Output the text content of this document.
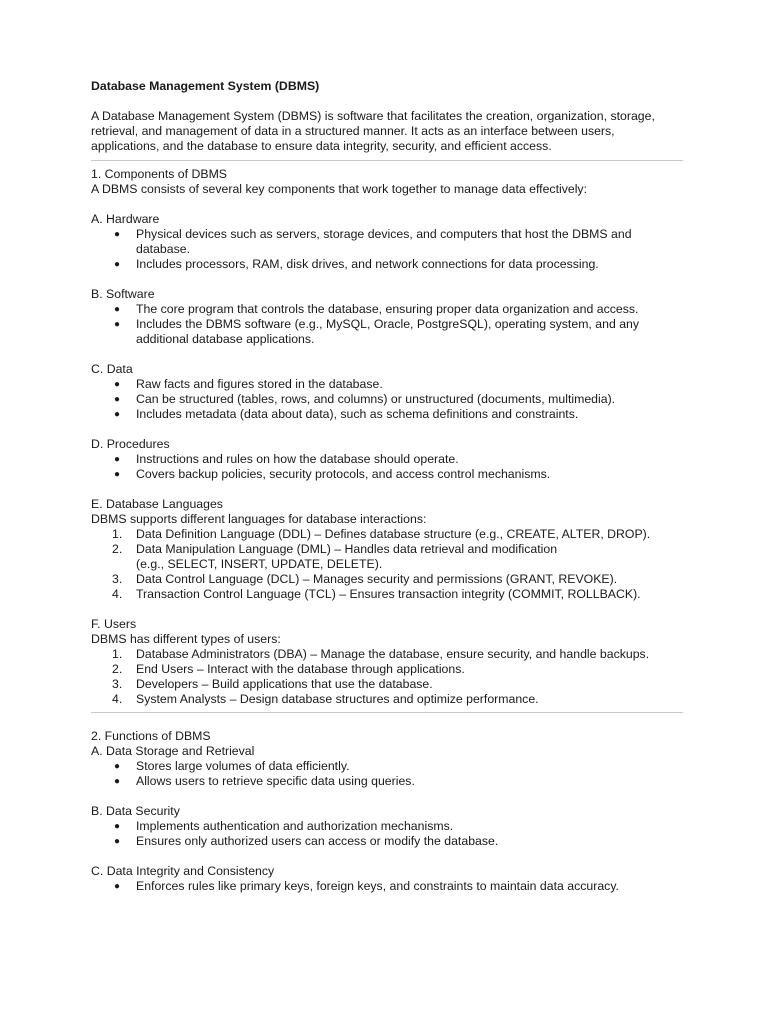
Database Management System (DBMS)

A Database Management System (DBMS) is software that facilitates the creation, organization, storage, retrieval, and management of data in a structured manner. It acts as an interface between users, applications, and the database to ensure data integrity, security, and efficient access.

1. Components of DBMS

A DBMS consists of several key components that work together to manage data effectively:

A. Hardware

●	Physical devices such as servers, storage devices, and computers that host the DBMS and database.
●	Includes processors, RAM, disk drives, and network connections for data processing.

B. Software

●	The core program that controls the database, ensuring proper data organization and access.
●	Includes the DBMS software (e.g., MySQL, Oracle, PostgreSQL), operating system, and any additional database applications.

C. Data

●	Raw facts and figures stored in the database.
●	Can be structured (tables, rows, and columns) or unstructured (documents, multimedia).
●	Includes metadata (data about data), such as schema definitions and constraints.

D. Procedures

●	Instructions and rules on how the database should operate.
●	Covers backup policies, security protocols, and access control mechanisms.

E. Database Languages

DBMS supports different languages for database interactions:

1.	Data Definition Language (DDL) – Defines database structure (e.g., CREATE, ALTER, DROP).
2.	Data Manipulation Language (DML) – Handles data retrieval and modification
(e.g., SELECT, INSERT, UPDATE, DELETE).
3.	Data Control Language (DCL) – Manages security and permissions (GRANT, REVOKE).
4.	Transaction Control Language (TCL) – Ensures transaction integrity (COMMIT, ROLLBACK).

F. Users

DBMS has different types of users:

1.	Database Administrators (DBA) – Manage the database, ensure security, and handle backups.
2.	End Users – Interact with the database through applications.
3.	Developers – Build applications that use the database.
4.	System Analysts – Design database structures and optimize performance.

2. Functions of DBMS

A. Data Storage and Retrieval

●	Stores large volumes of data efficiently.
●	Allows users to retrieve specific data using queries.

B. Data Security

●	Implements authentication and authorization mechanisms.
●	Ensures only authorized users can access or modify the database.

C. Data Integrity and Consistency

●	Enforces rules like primary keys, foreign keys, and constraints to maintain data accuracy.
